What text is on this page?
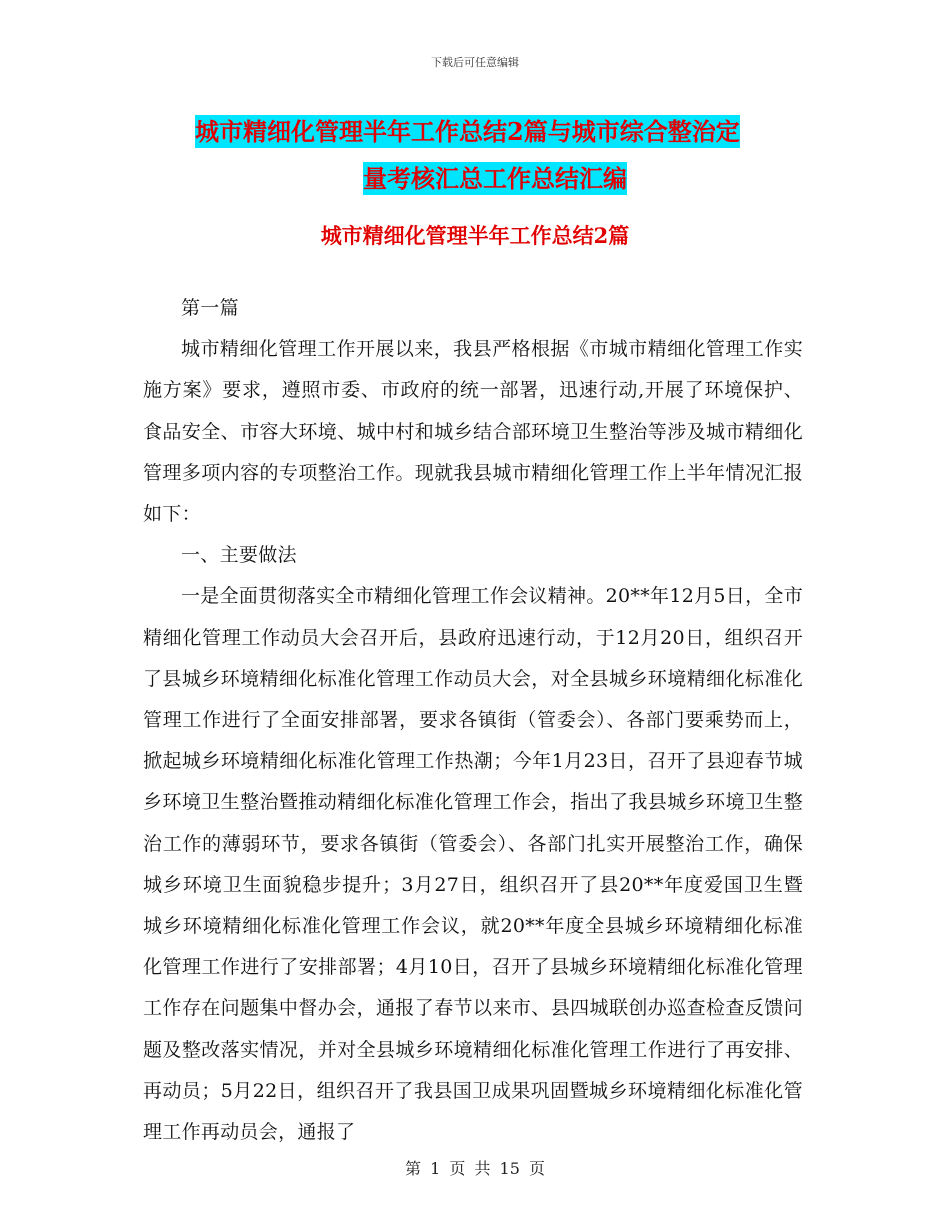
下载后可任意编辑
城市精细化管理半年工作总结2篇与城市综合整治定
量考核汇总工作总结汇编
城市精细化管理半年工作总结2篇

第一篇

城市精细化管理工作开展以来，我县严格根据《市城市精细化管理工作实施方案》要求，遵照市委、市政府的统一部署，迅速行动,开展了环境保护、食品安全、市容大环境、城中村和城乡结合部环境卫生整治等涉及城市精细化管理多项内容的专项整治工作。现就我县城市精细化管理工作上半年情况汇报如下：

一、主要做法

一是全面贯彻落实全市精细化管理工作会议精神。20**年12月5日，全市精细化管理工作动员大会召开后，县政府迅速行动，于12月20日，组织召开了县城乡环境精细化标准化管理工作动员大会，对全县城乡环境精细化标准化管理工作进行了全面安排部署，要求各镇街（管委会）、各部门要乘势而上，掀起城乡环境精细化标准化管理工作热潮；今年1月23日，召开了县迎春节城乡环境卫生整治暨推动精细化标准化管理工作会，指出了我县城乡环境卫生整治工作的薄弱环节，要求各镇街（管委会）、各部门扎实开展整治工作，确保城乡环境卫生面貌稳步提升；3月27日，组织召开了县20**年度爱国卫生暨城乡环境精细化标准化管理工作会议，就20**年度全县城乡环境精细化标准化管理工作进行了安排部署；4月10日，召开了县城乡环境精细化标准化管理工作存在问题集中督办会，通报了春节以来市、县四城联创办巡查检查反馈问题及整改落实情况，并对全县城乡环境精细化标准化管理工作进行了再安排、再动员；5月22日，组织召开了我县国卫成果巩固暨城乡环境精细化标准化管理工作再动员会，通报了

第 1 页 共 15 页
